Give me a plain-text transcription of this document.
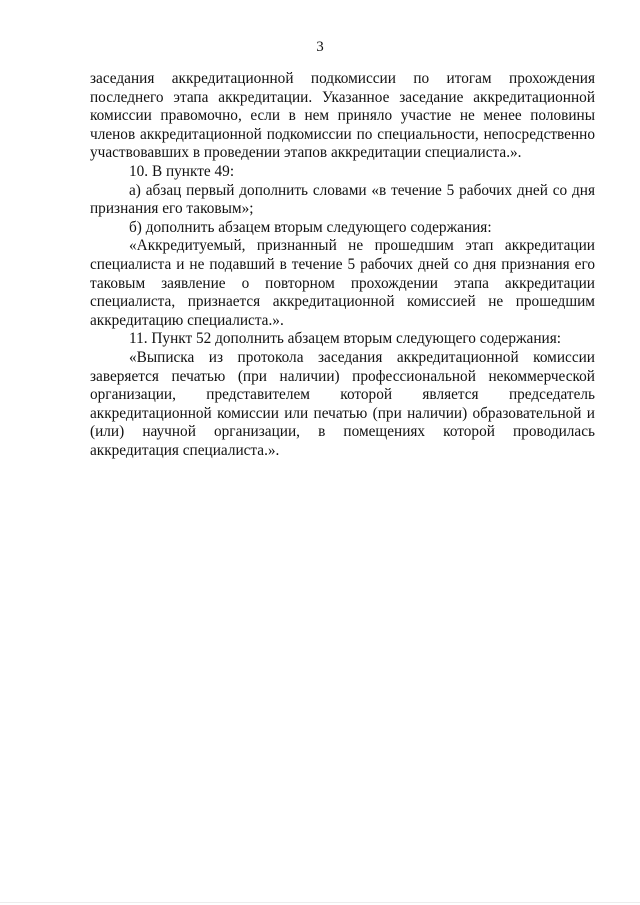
3

заседания аккредитационной подкомиссии по итогам прохождения последнего этапа аккредитации. Указанное заседание аккредитационной комиссии правомочно, если в нем приняло участие не менее половины членов аккредитационной подкомиссии по специальности, непосредственно участвовавших в проведении этапов аккредитации специалиста.».

10. В пункте 49:

а) абзац первый дополнить словами «в течение 5 рабочих дней со дня признания его таковым»;

б) дополнить абзацем вторым следующего содержания:

«Аккредитуемый, признанный не прошедшим этап аккредитации специалиста и не подавший в течение 5 рабочих дней со дня признания его таковым заявление о повторном прохождении этапа аккредитации специалиста, признается аккредитационной комиссией не прошедшим аккредитацию специалиста.».

11. Пункт 52 дополнить абзацем вторым следующего содержания:

«Выписка из протокола заседания аккредитационной комиссии заверяется печатью (при наличии) профессиональной некоммерческой организации, представителем которой является председатель аккредитационной комиссии или печатью (при наличии) образовательной и (или) научной организации, в помещениях которой проводилась аккредитация специалиста.».
